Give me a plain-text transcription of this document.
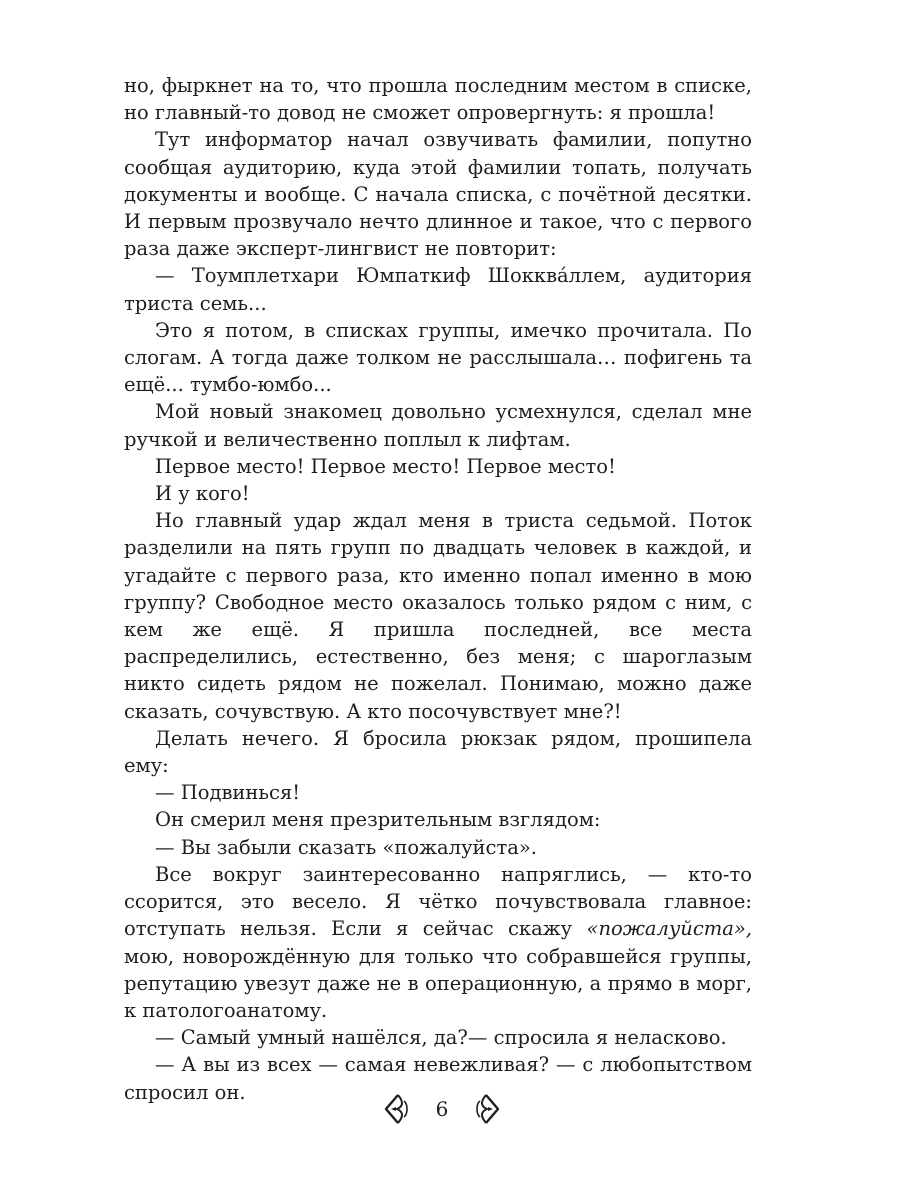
но, фыркнет на то, что прошла последним местом в списке, но главный-то довод не сможет опровергнуть: я прошла!

Тут информатор начал озвучивать фамилии, попутно сообщая аудиторию, куда этой фамилии топать, получать документы и вообще. С начала списка, с почётной десятки. И первым прозвучало нечто длинное и такое, что с первого раза даже эксперт-лингвист не повторит:

— Тоумплетхари Юмпаткиф Шокква́ллем, аудитория триста семь...

Это я потом, в списках группы, имечко прочитала. По слогам. А тогда даже толком не расслышала… пофигень та ещё... тумбо-юмбо...

Мой новый знакомец довольно усмехнулся, сделал мне ручкой и величественно поплыл к лифтам.

Первое место! Первое место! Первое место!

И у кого!

Но главный удар ждал меня в триста седьмой. Поток разделили на пять групп по двадцать человек в каждой, и угадайте с первого раза, кто именно попал именно в мою группу? Свободное место оказалось только рядом с ним, с кем же ещё. Я пришла последней, все места распределились, естественно, без меня; с шароглазым никто сидеть рядом не пожелал. Понимаю, можно даже сказать, сочувствую. А кто посочувствует мне?!

Делать нечего. Я бросила рюкзак рядом, прошипела ему:

— Подвинься!

Он смерил меня презрительным взглядом:

— Вы забыли сказать «пожалуйста».

Все вокруг заинтересованно напряглись, — кто-то ссорится, это весело. Я чётко почувствовала главное: отступать нельзя. Если я сейчас скажу «пожалуйста», мою, новорождённую для только что собравшейся группы, репутацию увезут даже не в операционную, а прямо в морг, к патологоанатому.

— Самый умный нашёлся, да?— спросила я неласково.

— А вы из всех — самая невежливая? — с любопытством спросил он.

6
